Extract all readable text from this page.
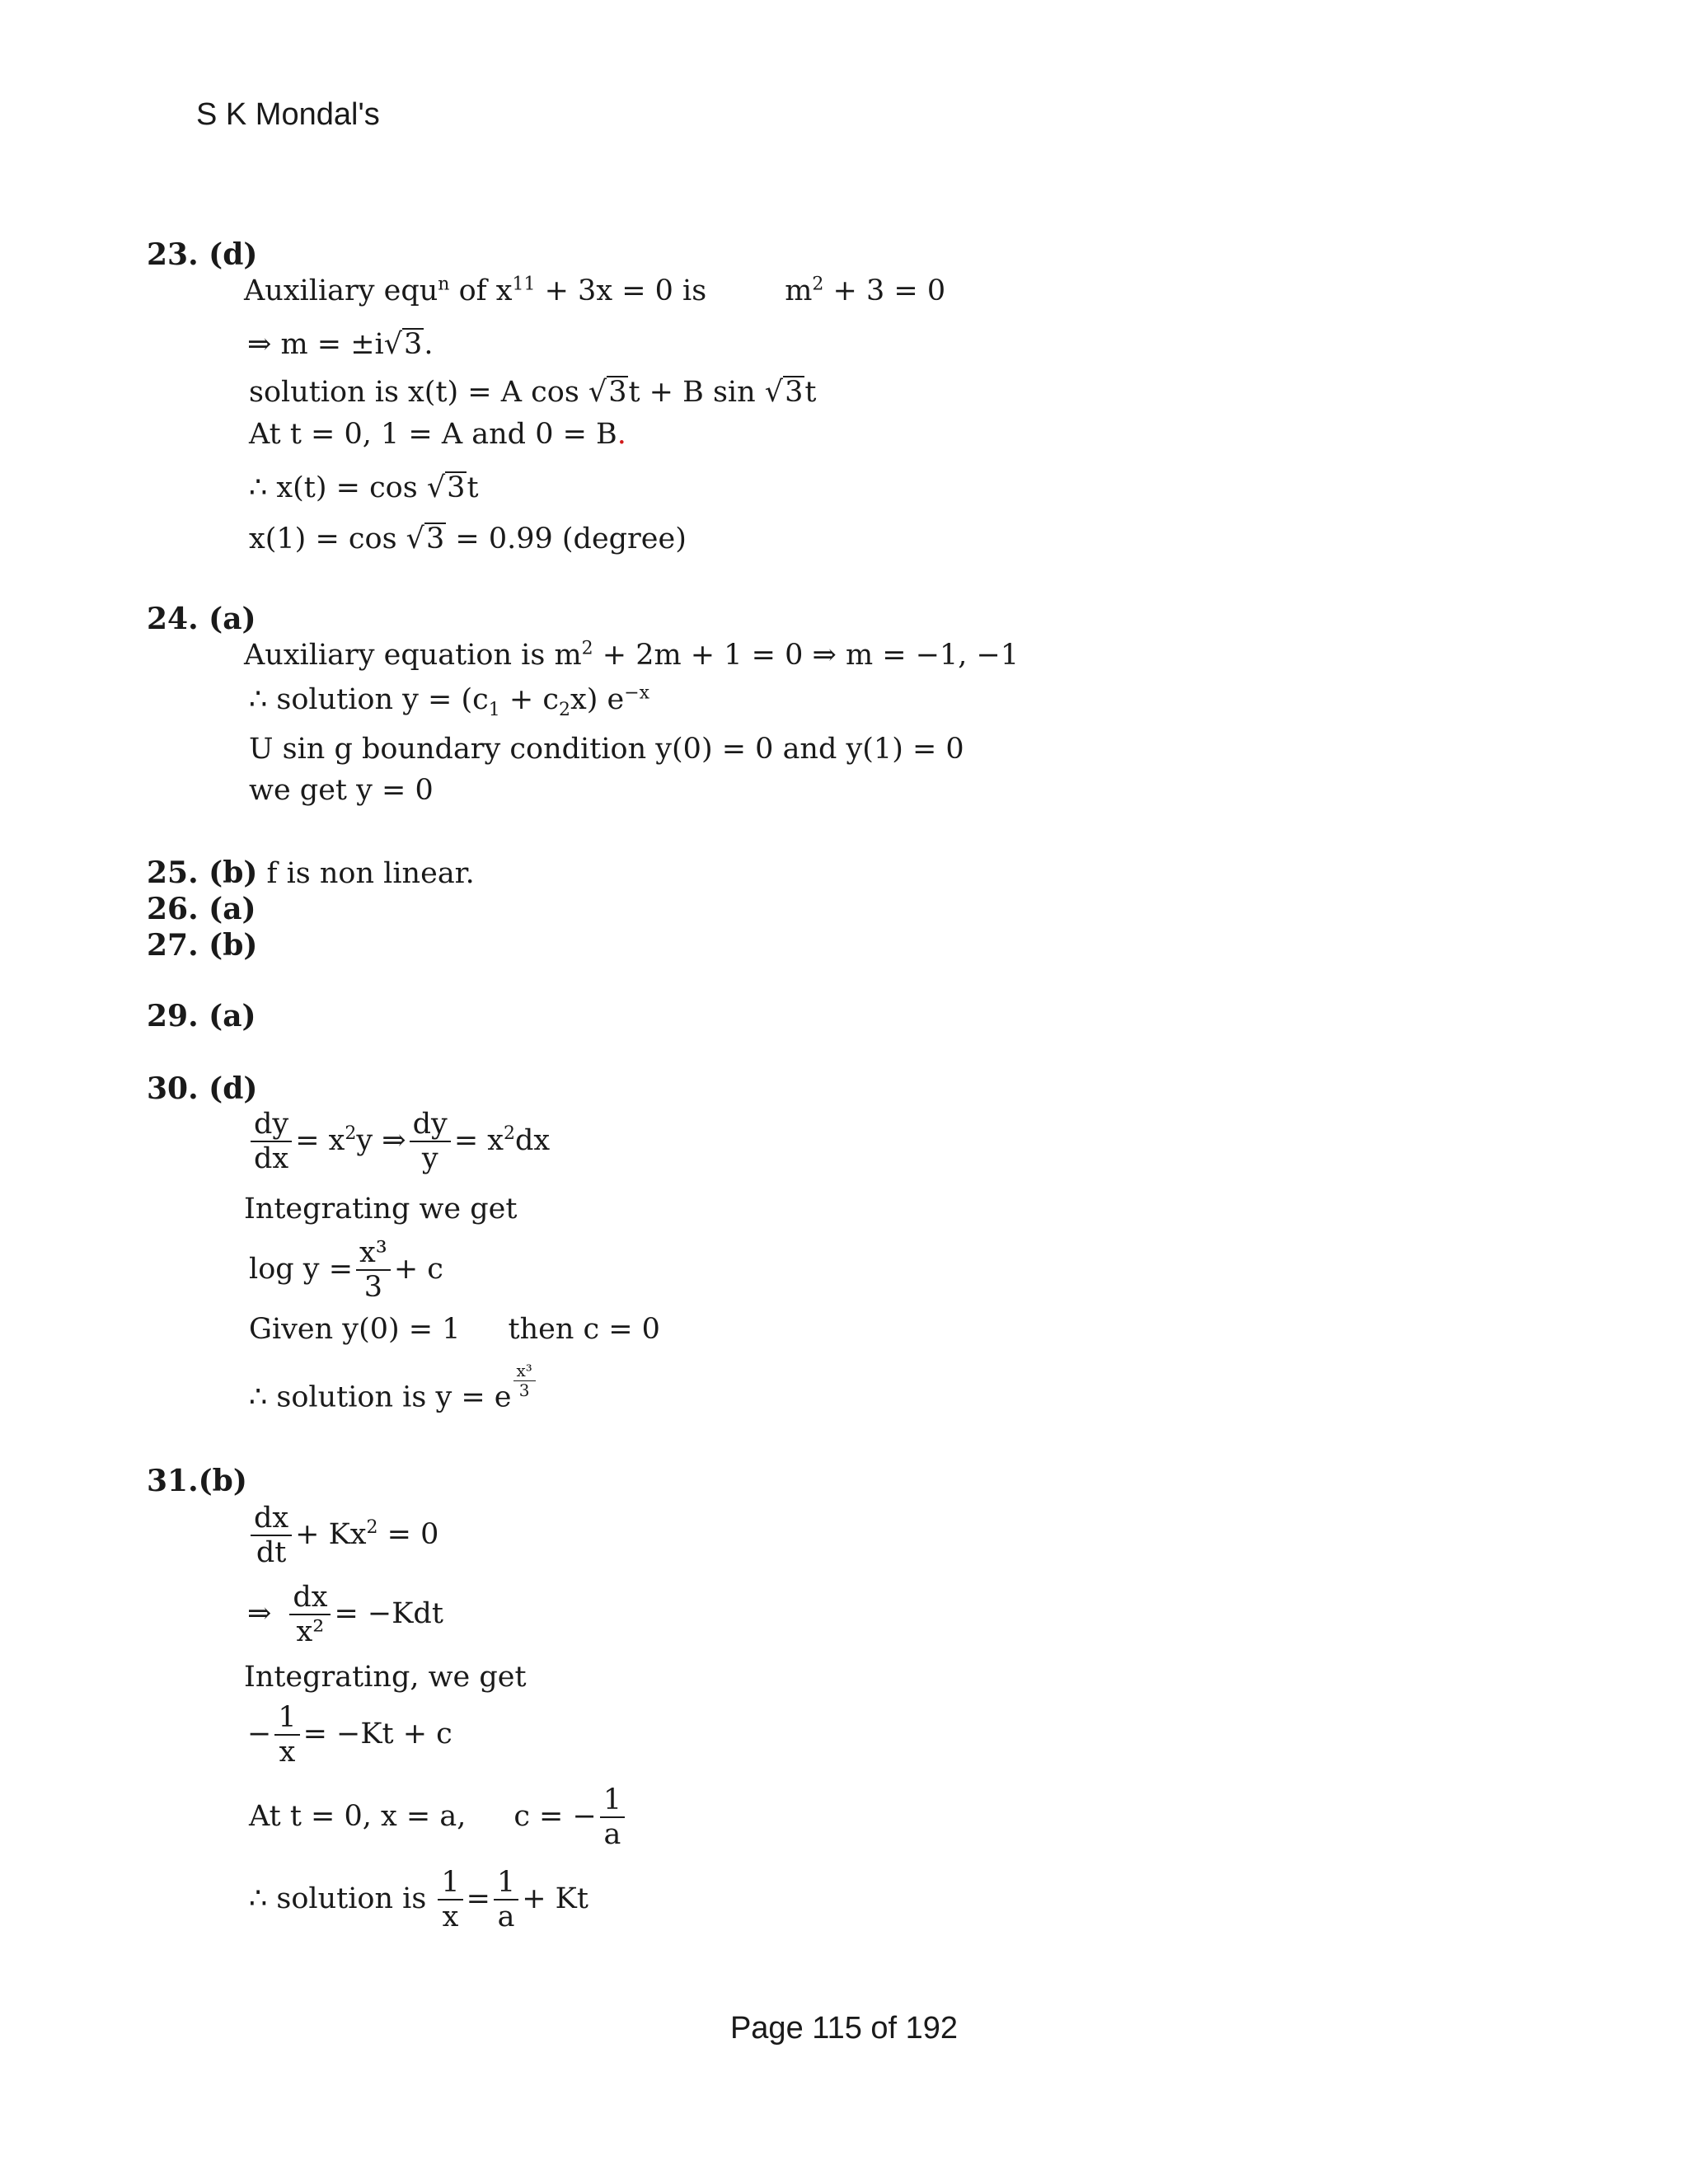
S K Mondal's
23. (d)
Auxiliary equ$^n$ of $x^{11} + 3x = 0$ is	$m^2 + 3 = 0$
⇒ m = ±i√3.
solution is x(t) = A cos √3t + B sin √3t
At t = 0, 1 = A and 0 = B.
∴ x(t) = cos √3t
x(1) = cos √3 = 0.99 (degree)
24. (a)
Auxiliary equation is $m^2 + 2m + 1 = 0$ ⇒ m = −1, −1
∴ solution $y = (c_1 + c_2x)$ $e^{-x}$
U sin g boundary condition y(0) = 0 and y(1) = 0
we get y = 0
25. (b) f is non linear.
26. (a)
27. (b)
29. (a)
30. (d)
$\frac{dy}{dx} = x^2y$ ⇒ $\frac{dy}{y} = x^2dx$
Integrating we get
$\log y = \frac{\text{x³}}{3} + c$
Given y(0) = 1 then c = 0
∴ solution is y = e $\frac{\text{x³}}{3}$
31.(b)
$\frac{dx}{dt} + Kx^2 = 0$
⇒ $\frac{dx}{\text{x²}} = -Kdt$
Integrating, we get
− $\frac{1}{x} = -Kt + c$
At t = 0, x = a, c = − $\frac{1}{a}$
∴ solution is $\frac{1}{x} = \frac{1}{a} + Kt$
Page 115 of 192
